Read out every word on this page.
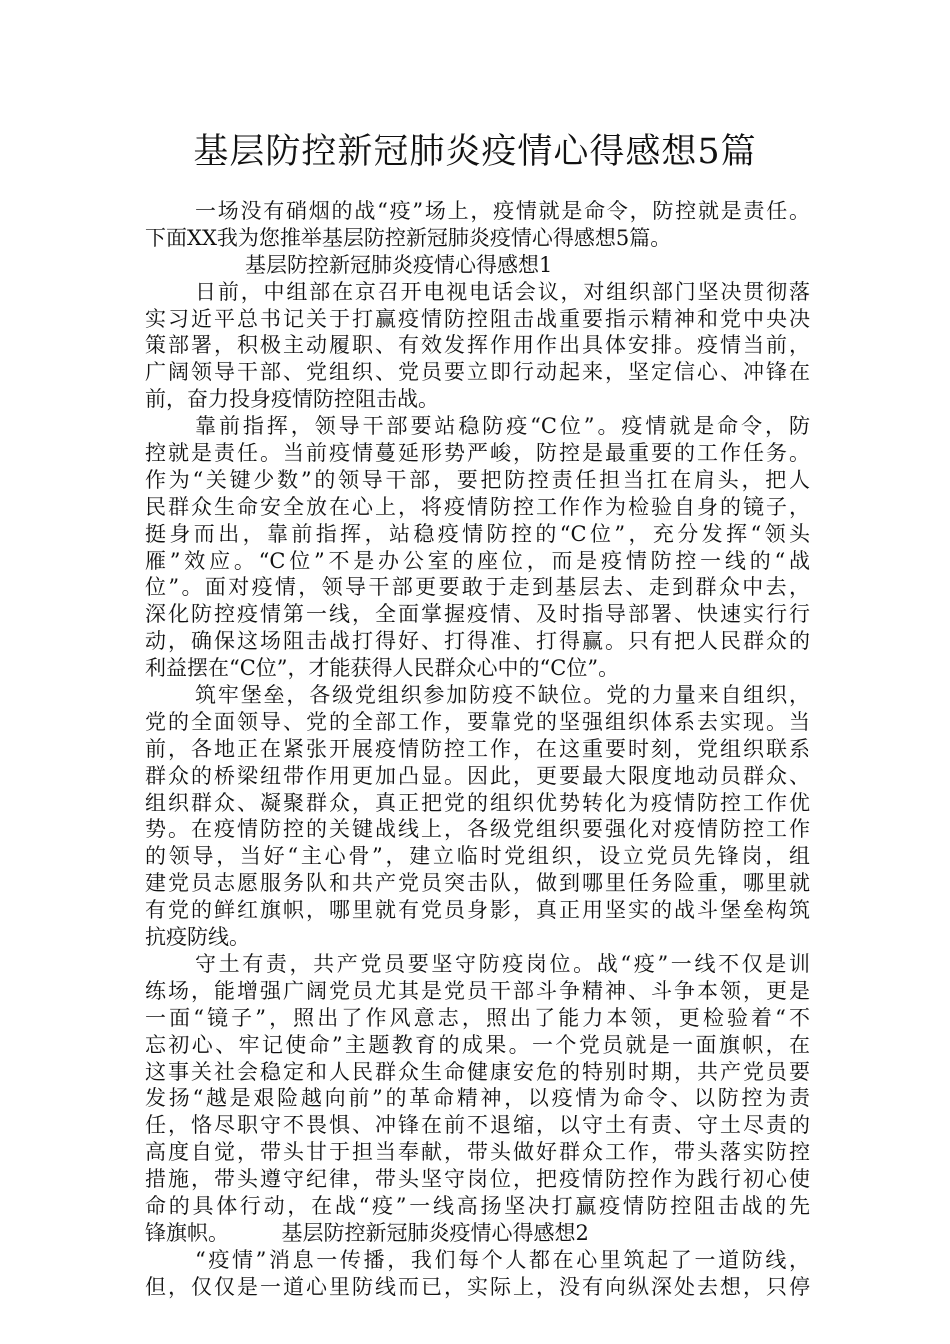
基层防控新冠肺炎疫情心得感想5篇
一场没有硝烟的战“疫”场上，疫情就是命令，防控就是责任。
下面XX我为您推举基层防控新冠肺炎疫情心得感想5篇。
基层防控新冠肺炎疫情心得感想1
日前，中组部在京召开电视电话会议，对组织部门坚决贯彻落
实习近平总书记关于打赢疫情防控阻击战重要指示精神和党中央决
策部署，积极主动履职、有效发挥作用作出具体安排。疫情当前，
广阔领导干部、党组织、党员要立即行动起来，坚定信心、冲锋在
前，奋力投身疫情防控阻击战。
靠前指挥，领导干部要站稳防疫“C位”。疫情就是命令，防
控就是责任。当前疫情蔓延形势严峻，防控是最重要的工作任务。
作为“关键少数”的领导干部，要把防控责任担当扛在肩头，把人
民群众生命安全放在心上，将疫情防控工作作为检验自身的镜子，
挺身而出，靠前指挥，站稳疫情防控的“C位”，充分发挥“领头
雁”效应。“C位”不是办公室的座位，而是疫情防控一线的“战
位”。面对疫情，领导干部更要敢于走到基层去、走到群众中去，
深化防控疫情第一线，全面掌握疫情、及时指导部署、快速实行行
动，确保这场阻击战打得好、打得准、打得赢。只有把人民群众的
利益摆在“C位”，才能获得人民群众心中的“C位”。
筑牢堡垒，各级党组织参加防疫不缺位。党的力量来自组织，
党的全面领导、党的全部工作，要靠党的坚强组织体系去实现。当
前，各地正在紧张开展疫情防控工作，在这重要时刻，党组织联系
群众的桥梁纽带作用更加凸显。因此，更要最大限度地动员群众、
组织群众、凝聚群众，真正把党的组织优势转化为疫情防控工作优
势。在疫情防控的关键战线上，各级党组织要强化对疫情防控工作
的领导，当好“主心骨”，建立临时党组织，设立党员先锋岗，组
建党员志愿服务队和共产党员突击队，做到哪里任务险重，哪里就
有党的鲜红旗帜，哪里就有党员身影，真正用坚实的战斗堡垒构筑
抗疫防线。
守土有责，共产党员要坚守防疫岗位。战“疫”一线不仅是训
练场，能增强广阔党员尤其是党员干部斗争精神、斗争本领，更是
一面“镜子”，照出了作风意志，照出了能力本领，更检验着“不
忘初心、牢记使命”主题教育的成果。一个党员就是一面旗帜，在
这事关社会稳定和人民群众生命健康安危的特别时期，共产党员要
发扬“越是艰险越向前”的革命精神，以疫情为命令、以防控为责
任，恪尽职守不畏惧、冲锋在前不退缩，以守土有责、守土尽责的
高度自觉，带头甘于担当奉献，带头做好群众工作，带头落实防控
措施，带头遵守纪律，带头坚守岗位，把疫情防控作为践行初心使
命的具体行动，在战“疫”一线高扬坚决打赢疫情防控阻击战的先
锋旗帜。　　　基层防控新冠肺炎疫情心得感想2
“疫情”消息一传播，我们每个人都在心里筑起了一道防线，
但，仅仅是一道心里防线而已，实际上，没有向纵深处去想，只停
